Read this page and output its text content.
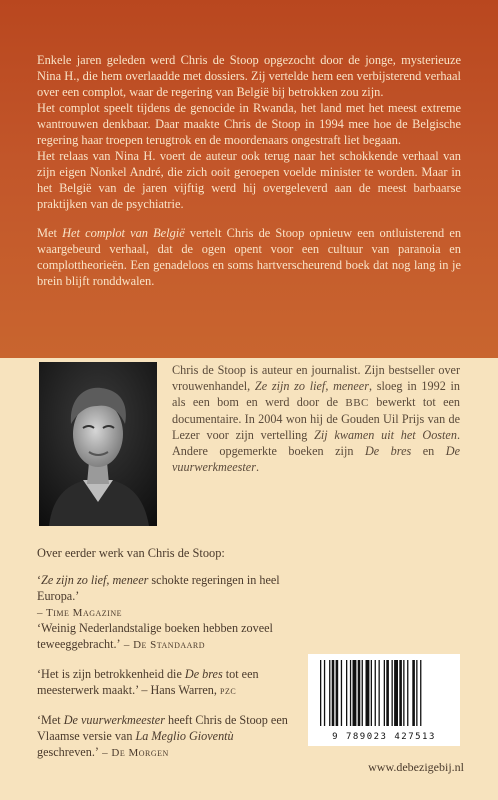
Enkele jaren geleden werd Chris de Stoop opgezocht door de jonge, mysterieuze Nina H., die hem overlaadde met dossiers. Zij vertelde hem een verbijsterend verhaal over een complot, waar de regering van België bij betrokken zou zijn.

Het complot speelt tijdens de genocide in Rwanda, het land met het meest extreme wantrouwen denkbaar. Daar maakte Chris de Stoop in 1994 mee hoe de Belgische regering haar troepen terugtrok en de moordenaars ongestraft liet begaan.

Het relaas van Nina H. voert de auteur ook terug naar het schokkende verhaal van zijn eigen Nonkel André, die zich ooit geroepen voelde minister te worden. Maar in het België van de jaren vijftig werd hij overgeleverd aan de meest barbaarse praktijken van de psychiatrie.

Met Het complot van België vertelt Chris de Stoop opnieuw een ontluisterend en waargebeurd verhaal, dat de ogen opent voor een cultuur van paranoia en complottheorieën. Een genadeloos en soms hartverscheurend boek dat nog lang in je brein blijft ronddwalen.

Chris de Stoop is auteur en journalist. Zijn bestseller over vrouwenhandel, Ze zijn zo lief, meneer, sloeg in 1992 in als een bom en werd door de BBC bewerkt tot een documentaire. In 2004 won hij de Gouden Uil Prijs van de Lezer voor zijn vertelling Zij kwamen uit het Oosten. Andere opgemerkte boeken zijn De bres en De vuurwerkmeester.

Over eerder werk van Chris de Stoop:

‘Ze zijn zo lief, meneer schokte regeringen in heel Europa.’
– Time Magazine

‘Weinig Nederlandstalige boeken hebben zoveel teweeggebracht.’ – De Standaard

‘Het is zijn betrokkenheid die De bres tot een meesterwerk maakt.’ – Hans Warren, pzc

‘Met De vuurwerkmeester heeft Chris de Stoop een Vlaamse versie van La Meglio Gioventù geschreven.’ – De Morgen

9 789023 427513

www.debezigebij.nl
